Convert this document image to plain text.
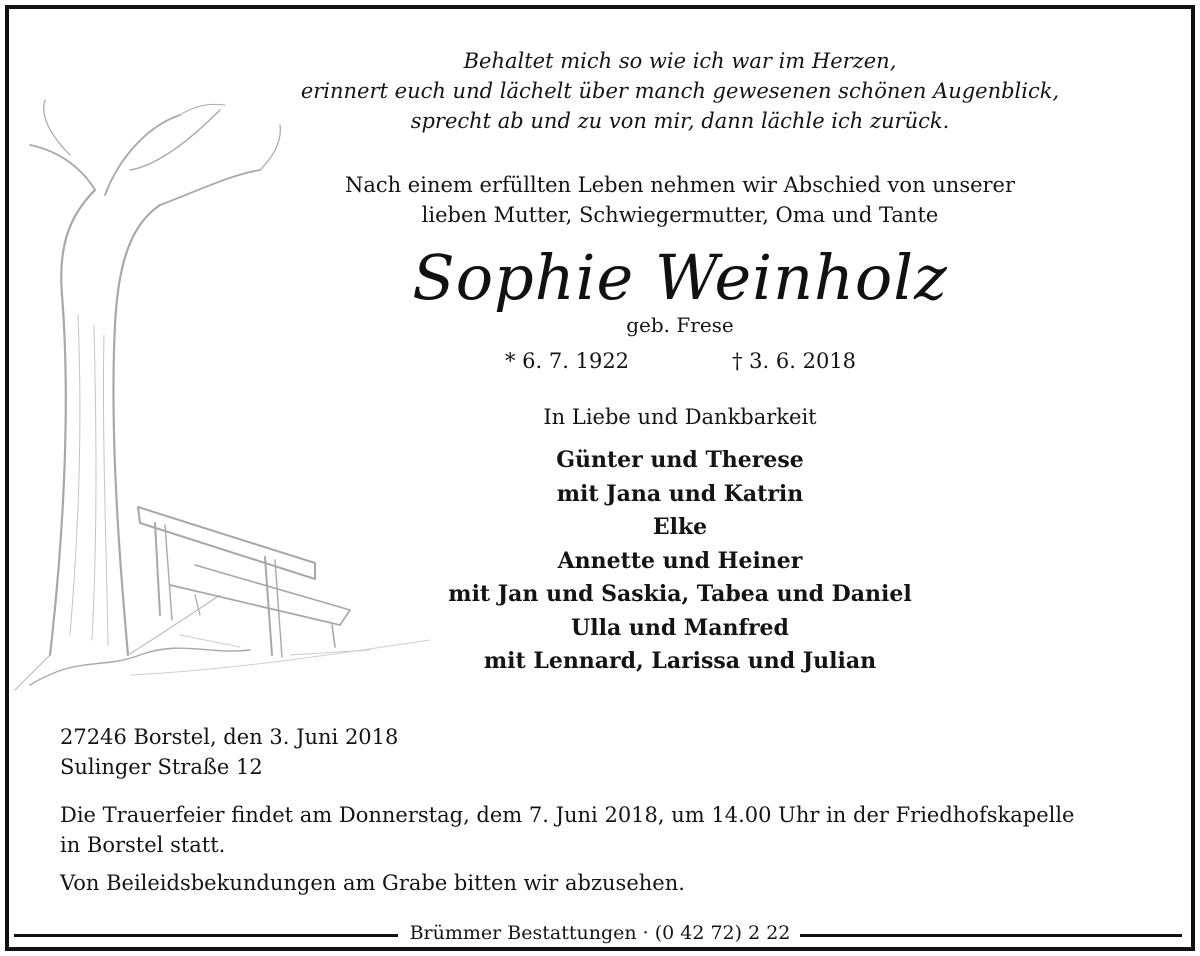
Behaltet mich so wie ich war im Herzen,
erinnert euch und lächelt über manch gewesenen schönen Augenblick,
sprecht ab und zu von mir, dann lächle ich zurück.
Nach einem erfüllten Leben nehmen wir Abschied von unserer
lieben Mutter, Schwiegermutter, Oma und Tante
Sophie Weinholz
geb. Frese
* 6. 7. 1922	† 3. 6. 2018
In Liebe und Dankbarkeit
Günter und Therese
mit Jana und Katrin
Elke
Annette und Heiner
mit Jan und Saskia, Tabea und Daniel
Ulla und Manfred
mit Lennard, Larissa und Julian
27246 Borstel, den 3. Juni 2018
Sulinger Straße 12
Die Trauerfeier findet am Donnerstag, dem 7. Juni 2018, um 14.00 Uhr in der Friedhofskapelle
in Borstel statt.
Von Beileidsbekundungen am Grabe bitten wir abzusehen.
Brümmer Bestattungen · (0 42 72) 2 22
